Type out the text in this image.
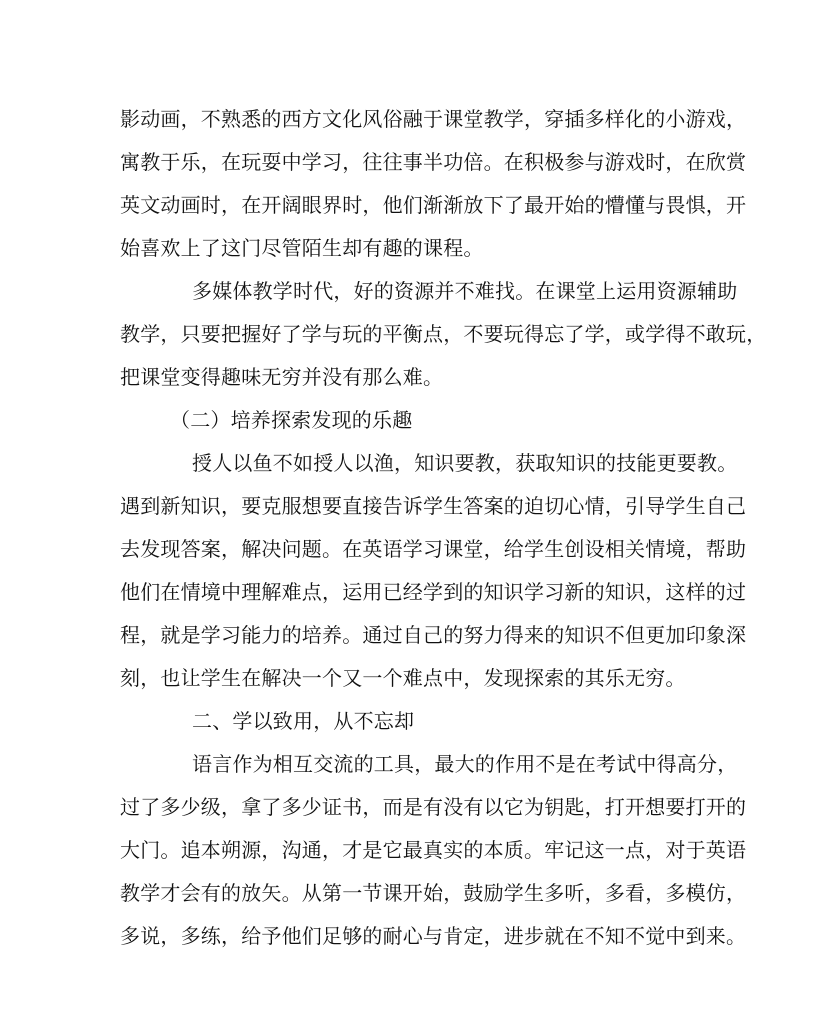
影动画，不熟悉的西方文化风俗融于课堂教学，穿插多样化的小游戏，
寓教于乐，在玩耍中学习，往往事半功倍。在积极参与游戏时，在欣赏
英文动画时，在开阔眼界时，他们渐渐放下了最开始的懵懂与畏惧，开
始喜欢上了这门尽管陌生却有趣的课程。
多媒体教学时代，好的资源并不难找。在课堂上运用资源辅助
教学，只要把握好了学与玩的平衡点，不要玩得忘了学，或学得不敢玩，
把课堂变得趣味无穷并没有那么难。
（二）培养探索发现的乐趣
授人以鱼不如授人以渔，知识要教，获取知识的技能更要教。
遇到新知识，要克服想要直接告诉学生答案的迫切心情，引导学生自己
去发现答案，解决问题。在英语学习课堂，给学生创设相关情境，帮助
他们在情境中理解难点，运用已经学到的知识学习新的知识，这样的过
程，就是学习能力的培养。通过自己的努力得来的知识不但更加印象深
刻，也让学生在解决一个又一个难点中，发现探索的其乐无穷。
二、学以致用，从不忘却
语言作为相互交流的工具，最大的作用不是在考试中得高分，
过了多少级，拿了多少证书，而是有没有以它为钥匙，打开想要打开的
大门。追本朔源，沟通，才是它最真实的本质。牢记这一点，对于英语
教学才会有的放矢。从第一节课开始，鼓励学生多听，多看，多模仿，
多说，多练，给予他们足够的耐心与肯定，进步就在不知不觉中到来。
